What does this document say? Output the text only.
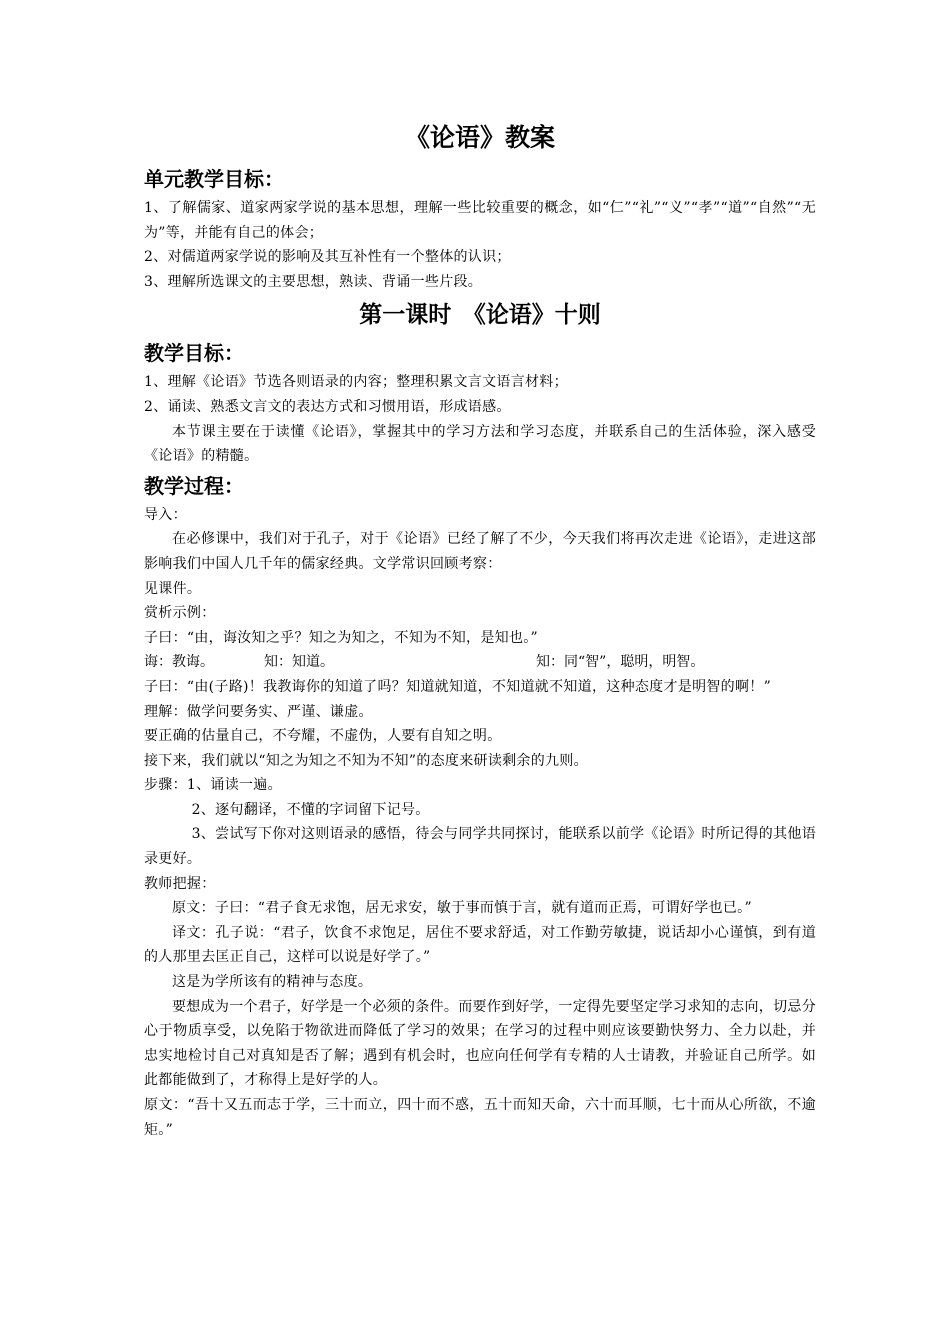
《论语》教案
单元教学目标：

1、了解儒家、道家两家学说的基本思想，理解一些比较重要的概念，如“仁”“礼”“义”“孝”“道”“自然”“无为”等，并能有自己的体会；

2、对儒道两家学说的影响及其互补性有一个整体的认识；

3、理解所选课文的主要思想，熟读、背诵一些片段。

第一课时　《论语》十则
教学目标：

1、理解《论语》节选各则语录的内容；整理积累文言文语言材料；

2、诵读、熟悉文言文的表达方式和习惯用语，形成语感。

本节课主要在于读懂《论语》，掌握其中的学习方法和学习态度，并联系自己的生活体验，深入感受《论语》的精髓。

教学过程：

导入：

在必修课中，我们对于孔子，对于《论语》已经了解了不少，今天我们将再次走进《论语》，走进这部影响我们中国人几千年的儒家经典。文学常识回顾考察：

见课件。

赏析示例：

子曰：“由，诲汝知之乎？知之为知之，不知为不知，是知也。”

诲：教诲。	知：知道。	知：同“智”，聪明，明智。

子曰：“由(子路)！我教诲你的知道了吗？知道就知道，不知道就不知道，这种态度才是明智的啊！”

理解：做学问要务实、严谨、谦虚。

要正确的估量自己，不夸耀，不虚伪，人要有自知之明。

接下来，我们就以“知之为知之不知为不知”的态度来研读剩余的九则。

步骤：1、诵读一遍。

2、逐句翻译，不懂的字词留下记号。

3、尝试写下你对这则语录的感悟，待会与同学共同探讨，能联系以前学《论语》时所记得的其他语录更好。

教师把握：

原文：子曰：“君子食无求饱，居无求安，敏于事而慎于言，就有道而正焉，可谓好学也已。”

译文：孔子说：“君子，饮食不求饱足，居住不要求舒适，对工作勤劳敏捷，说话却小心谨慎，到有道的人那里去匡正自己，这样可以说是好学了。”

这是为学所该有的精神与态度。

要想成为一个君子，好学是一个必须的条件。而要作到好学，一定得先要坚定学习求知的志向，切忌分心于物质享受，以免陷于物欲进而降低了学习的效果；在学习的过程中则应该要勤快努力、全力以赴，并忠实地检讨自己对真知是否了解；遇到有机会时，也应向任何学有专精的人士请教，并验证自己所学。如此都能做到了，才称得上是好学的人。

原文：“吾十又五而志于学，三十而立，四十而不惑，五十而知天命，六十而耳顺，七十而从心所欲，不逾矩。”
